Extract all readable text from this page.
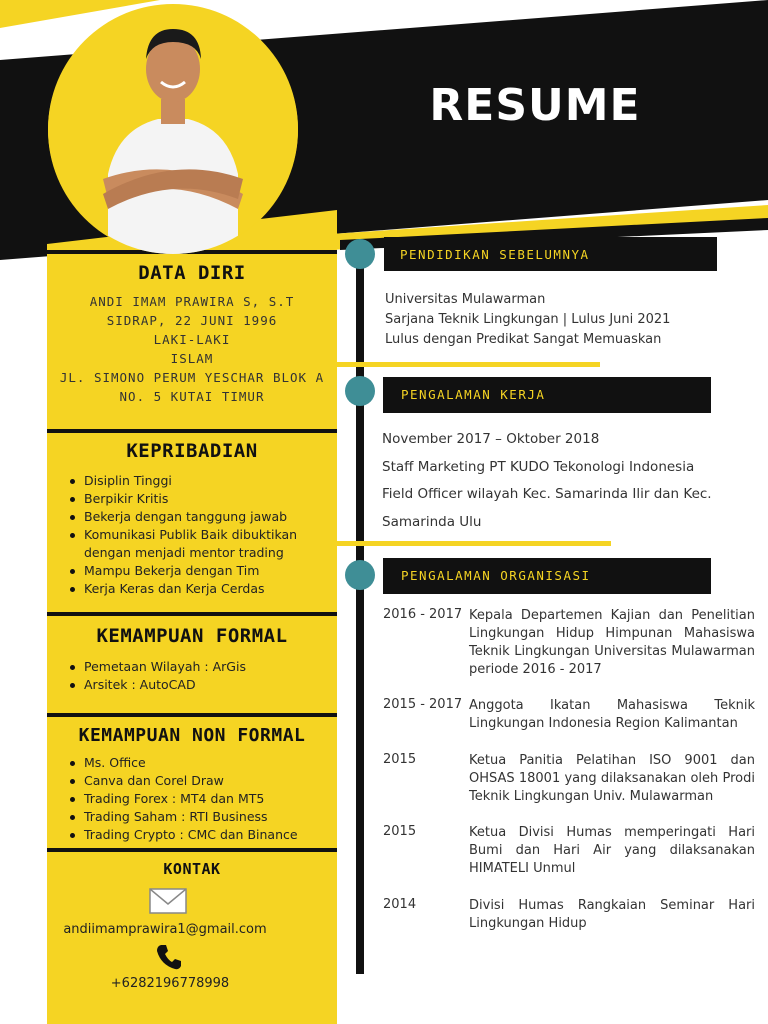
RESUME
DATA DIRI
ANDI IMAM PRAWIRA S, S.T
SIDRAP, 22 JUNI 1996
LAKI-LAKI
ISLAM
JL. SIMONO PERUM YESCHAR BLOK A
NO. 5 KUTAI TIMUR
KEPRIBADIAN
Disiplin Tinggi
Berpikir Kritis
Bekerja dengan tanggung jawab
Komunikasi Publik Baik dibuktikan
dengan menjadi mentor trading
Mampu Bekerja dengan Tim
Kerja Keras dan Kerja Cerdas
KEMAMPUAN FORMAL
Pemetaan Wilayah : ArGis
Arsitek : AutoCAD
KEMAMPUAN NON FORMAL
Ms. Office
Canva dan Corel Draw
Trading Forex : MT4 dan MT5
Trading Saham : RTI Business
Trading Crypto : CMC dan Binance
KONTAK
andiimamprawira1@gmail.com
+6282196778998
PENDIDIKAN SEBELUMNYA
Universitas Mulawarman
Sarjana Teknik Lingkungan | Lulus Juni 2021
Lulus dengan Predikat Sangat Memuaskan
PENGALAMAN KERJA
November 2017 – Oktober 2018
Staff Marketing PT KUDO Tekonologi Indonesia
Field Officer wilayah Kec. Samarinda Ilir dan Kec.
Samarinda Ulu
PENGALAMAN ORGANISASI
2016 - 2017 Kepala Departemen Kajian dan Penelitian Lingkungan Hidup Himpunan Mahasiswa Teknik Lingkungan Universitas Mulawarman periode 2016 - 2017
2015 - 2017 Anggota Ikatan Mahasiswa Teknik Lingkungan Indonesia Region Kalimantan
2015	Ketua Panitia Pelatihan ISO 9001 dan OHSAS 18001 yang dilaksanakan oleh Prodi Teknik Lingkungan Univ. Mulawarman
2015	Ketua Divisi Humas memperingati Hari Bumi dan Hari Air yang dilaksanakan HIMATELI Unmul
2014	Divisi Humas Rangkaian Seminar Hari Lingkungan Hidup
